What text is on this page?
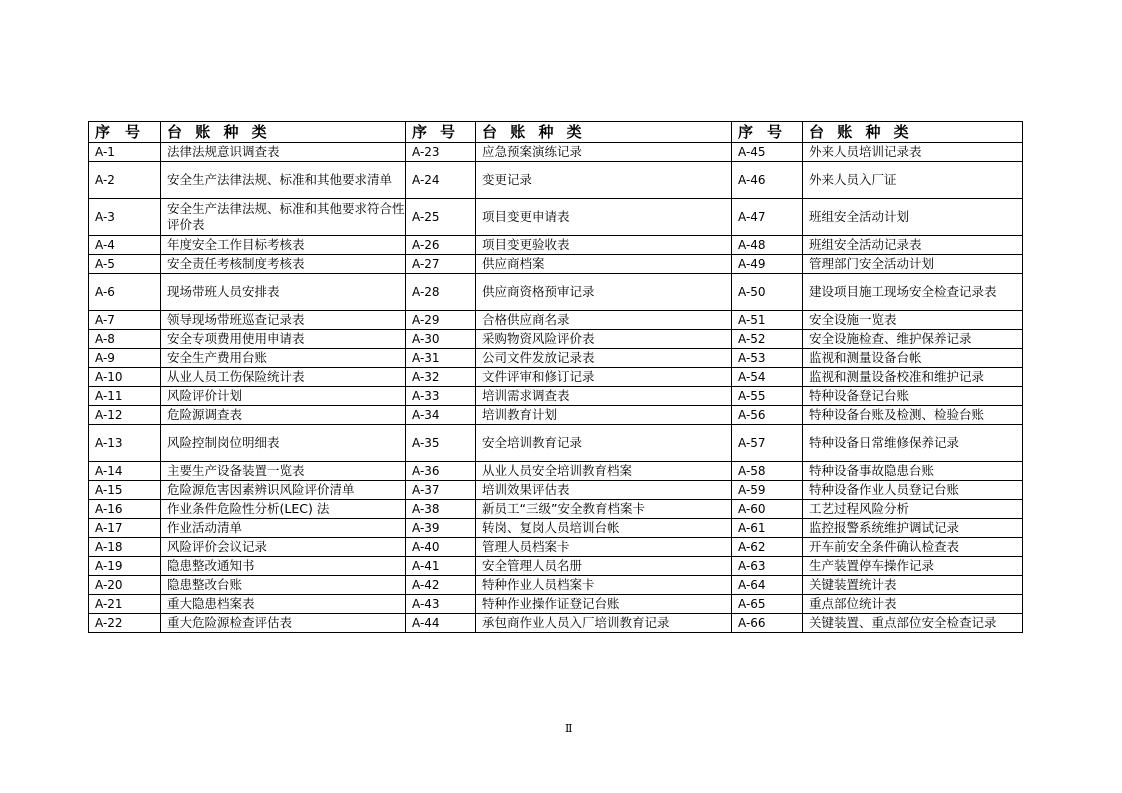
序 号	台 账 种 类	序 号	台 账 种 类	序 号	台 账 种 类
A-1	法律法规意识调查表	A-23	应急预案演练记录	A-45	外来人员培训记录表
A-2	安全生产法律法规、标准和其他要求清单	A-24	变更记录	A-46	外来人员入厂证
A-3	安全生产法律法规、标准和其他要求符合性评价表	A-25	项目变更申请表	A-47	班组安全活动计划
A-4	年度安全工作目标考核表	A-26	项目变更验收表	A-48	班组安全活动记录表
A-5	安全责任考核制度考核表	A-27	供应商档案	A-49	管理部门安全活动计划
A-6	现场带班人员安排表	A-28	供应商资格预审记录	A-50	建设项目施工现场安全检查记录表
A-7	领导现场带班巡查记录表	A-29	合格供应商名录	A-51	安全设施一览表
A-8	安全专项费用使用申请表	A-30	采购物资风险评价表	A-52	安全设施检查、维护保养记录
A-9	安全生产费用台账	A-31	公司文件发放记录表	A-53	监视和测量设备台帐
A-10	从业人员工伤保险统计表	A-32	文件评审和修订记录	A-54	监视和测量设备校准和维护记录
A-11	风险评价计划	A-33	培训需求调查表	A-55	特种设备登记台账
A-12	危险源调查表	A-34	培训教育计划	A-56	特种设备台账及检测、检验台账
A-13	风险控制岗位明细表	A-35	安全培训教育记录	A-57	特种设备日常维修保养记录
A-14	主要生产设备装置一览表	A-36	从业人员安全培训教育档案	A-58	特种设备事故隐患台账
A-15	危险源危害因素辨识风险评价清单	A-37	培训效果评估表	A-59	特种设备作业人员登记台账
A-16	作业条件危险性分析(LEC) 法	A-38	新员工“三级”安全教育档案卡	A-60	工艺过程风险分析
A-17	作业活动清单	A-39	转岗、复岗人员培训台帐	A-61	监控报警系统维护调试记录
A-18	风险评价会议记录	A-40	管理人员档案卡	A-62	开车前安全条件确认检查表
A-19	隐患整改通知书	A-41	安全管理人员名册	A-63	生产装置停车操作记录
A-20	隐患整改台账	A-42	特种作业人员档案卡	A-64	关键装置统计表
A-21	重大隐患档案表	A-43	特种作业操作证登记台账	A-65	重点部位统计表
A-22	重大危险源检查评估表	A-44	承包商作业人员入厂培训教育记录	A-66	关键装置、重点部位安全检查记录
Ⅱ
